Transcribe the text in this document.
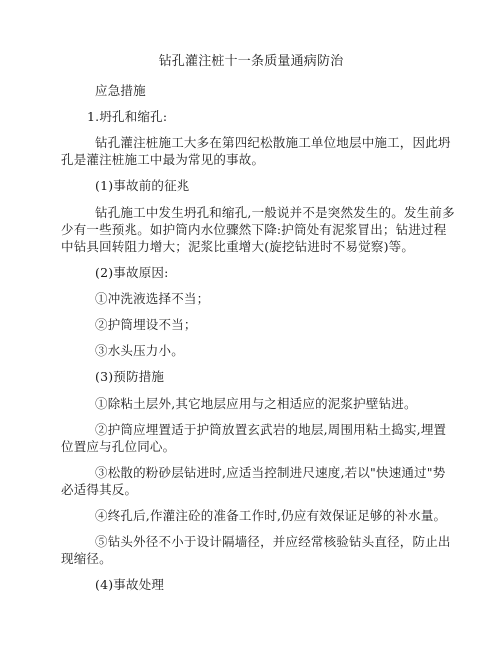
钻孔灌注桩十一条质量通病防治
应急措施
1.坍孔和缩孔:
钻孔灌注桩施工大多在第四纪松散施工单位地层中施工，因此坍
孔是灌注桩施工中最为常见的事故。
(1)事故前的征兆
钻孔施工中发生坍孔和缩孔,一般说并不是突然发生的。发生前多
少有一些预兆。如护筒内水位骤然下降:护筒处有泥浆冒出；钻进过程
中钻具回转阻力增大；泥浆比重增大(旋挖钻进时不易觉察)等。
(2)事故原因:
①冲洗液选择不当；
②护筒埋设不当；
③水头压力小。
(3)预防措施
①除粘土层外,其它地层应用与之相适应的泥浆护壁钻进。
②护筒应埋置适于护筒放置玄武岩的地层,周围用粘土捣实,埋置
位置应与孔位同心。
③松散的粉砂层钻进时,应适当控制进尺速度,若以"快速通过"势
必适得其反。
④终孔后,作灌注砼的准备工作时,仍应有效保证足够的补水量。
⑤钻头外径不小于设计隔墙径，并应经常核验钻头直径，防止出
现缩径。
(4)事故处理
